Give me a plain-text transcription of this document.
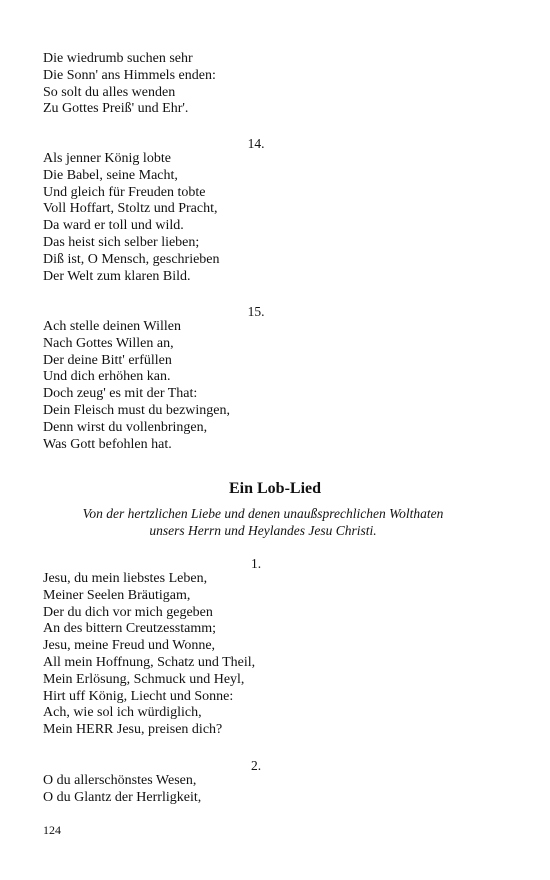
Die wiedrumb suchen sehr
Die Sonn' ans Himmels enden:
So solt du alles wenden
Zu Gottes Preiß' und Ehr'.
14.
Als jenner König lobte
Die Babel, seine Macht,
Und gleich für Freuden tobte
Voll Hoffart, Stoltz und Pracht,
Da ward er toll und wild.
Das heist sich selber lieben;
Diß ist, O Mensch, geschrieben
Der Welt zum klaren Bild.
15.
Ach stelle deinen Willen
Nach Gottes Willen an,
Der deine Bitt' erfüllen
Und dich erhöhen kan.
Doch zeug' es mit der That:
Dein Fleisch must du bezwingen,
Denn wirst du vollenbringen,
Was Gott befohlen hat.
Ein Lob-Lied
Von der hertzlichen Liebe und denen unaußsprechlichen Wolthaten
unsers Herrn und Heylandes Jesu Christi.
1.
Jesu, du mein liebstes Leben,
Meiner Seelen Bräutigam,
Der du dich vor mich gegeben
An des bittern Creutzesstamm;
Jesu, meine Freud und Wonne,
All mein Hoffnung, Schatz und Theil,
Mein Erlösung, Schmuck und Heyl,
Hirt uff König, Liecht und Sonne:
Ach, wie sol ich würdiglich,
Mein HERR Jesu, preisen dich?
2.
O du allerschönstes Wesen,
O du Glantz der Herrligkeit,
124
